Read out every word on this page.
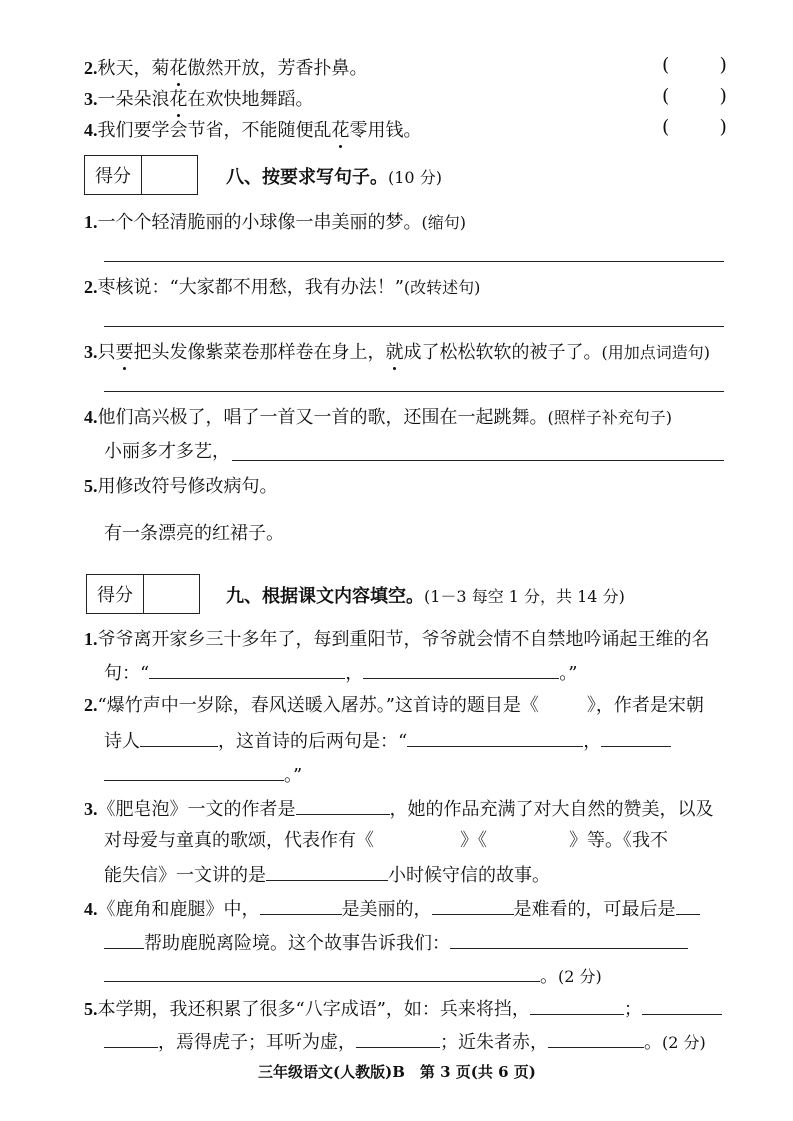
2.秋天，菊花傲然开放，芳香扑鼻。	( )
3.一朵朵浪花在欢快地舞蹈。	( )
4.我们要学会节省，不能随便乱花零用钱。	( )
得分	八、按要求写句子。(10 分)
1.一个个轻清脆丽的小球像一串美丽的梦。(缩句)
2.枣核说：“大家都不用愁，我有办法！”(改转述句)
3.只要把头发像紫菜卷那样卷在身上，就成了松松软软的被子了。(用加点词造句)
4.他们高兴极了，唱了一首又一首的歌，还围在一起跳舞。(照样子补充句子)
小丽多才多艺，
5.用修改符号修改病句。
有一条漂亮的红裙子。
得分	九、根据课文内容填空。(1－3 每空 1 分，共 14 分)
1.爷爷离开家乡三十多年了，每到重阳节，爷爷就会情不自禁地吟诵起王维的名
句：“	，	。”
2.“爆竹声中一岁除，春风送暖入屠苏。”这首诗的题目是《	》，作者是宋朝
诗人	，这首诗的后两句是：“	，
。”
3.《肥皂泡》一文的作者是	，她的作品充满了对大自然的赞美，以及
对母爱与童真的歌颂，代表作有《	》《	》等。《我不
能失信》一文讲的是	小时候守信的故事。
4.《鹿角和鹿腿》中，	是美丽的，	是难看的，可最后是
帮助鹿脱离险境。这个故事告诉我们：
。(2 分)
5.本学期，我还积累了很多“八字成语”，如：兵来将挡，	；
，焉得虎子；耳听为虚，	；近朱者赤，	。(2 分)
三年级语文(人教版)B　第 3 页(共 6 页)
